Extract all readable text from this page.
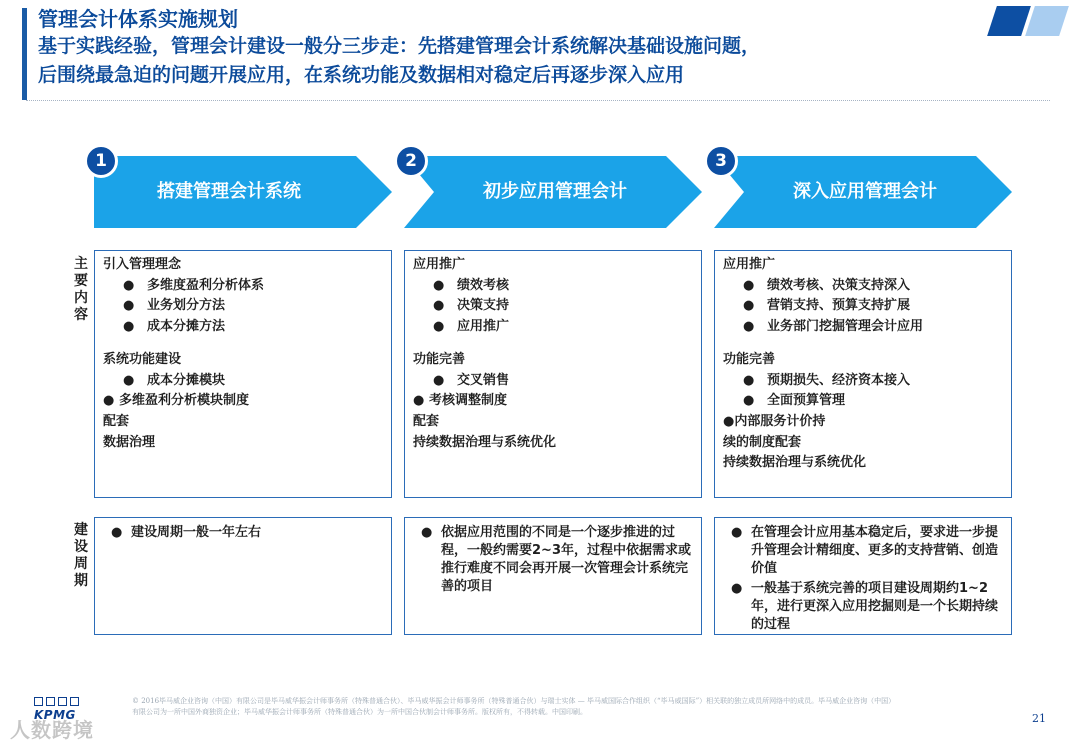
管理会计体系实施规划
基于实践经验，管理会计建设一般分三步走：先搭建管理会计系统解决基础设施问题，
后围绕最急迫的问题开展应用，在系统功能及数据相对稳定后再逐步深入应用
搭建管理会计系统
1
初步应用管理会计
2
深入应用管理会计
3
主要内容
建设周期
引入管理理念
● 多维度盈利分析体系
● 业务划分方法
● 成本分摊方法
系统功能建设
● 成本分摊模块
● 多维盈利分析模块制度
配套
数据治理
应用推广
● 绩效考核
● 决策支持
● 应用推广
功能完善
● 交叉销售
● 考核调整制度
配套
持续数据治理与系统优化
应用推广
● 绩效考核、决策支持深入
● 营销支持、预算支持扩展
● 业务部门挖掘管理会计应用
功能完善
● 预期损失、经济资本接入
● 全面预算管理
●内部服务计价持
续的制度配套
持续数据治理与系统优化
● 建设周期一般一年左右	● 依据应用范围的不同是一个逐步推进的过程，一般约需要2~3年，过程中依据需求或推行难度不同会再开展一次管理会计系统完善的项目
● 在管理会计应用基本稳定后，要求进一步提升管理会计精细度、更多的支持营销、创造价值
● 一般基于系统完善的项目建设周期约1~2年，进行更深入应用挖掘则是一个长期持续的过程
KPMG
© 2016毕马威企业咨询（中国）有限公司是毕马威华振会计师事务所（特殊普通合伙）、毕马威华振会计师事务所（特殊普通合伙）与瑞士实体 — 毕马威国际合作组织（“毕马威国际”）相关联的独立成员所网络中的成员。毕马威企业咨询（中国）
有限公司为一所中国外商独资企业；毕马威华振会计师事务所（特殊普通合伙）为一所中国合伙制会计师事务所。版权所有，不得转载。中国印刷。	21
人数跨境
